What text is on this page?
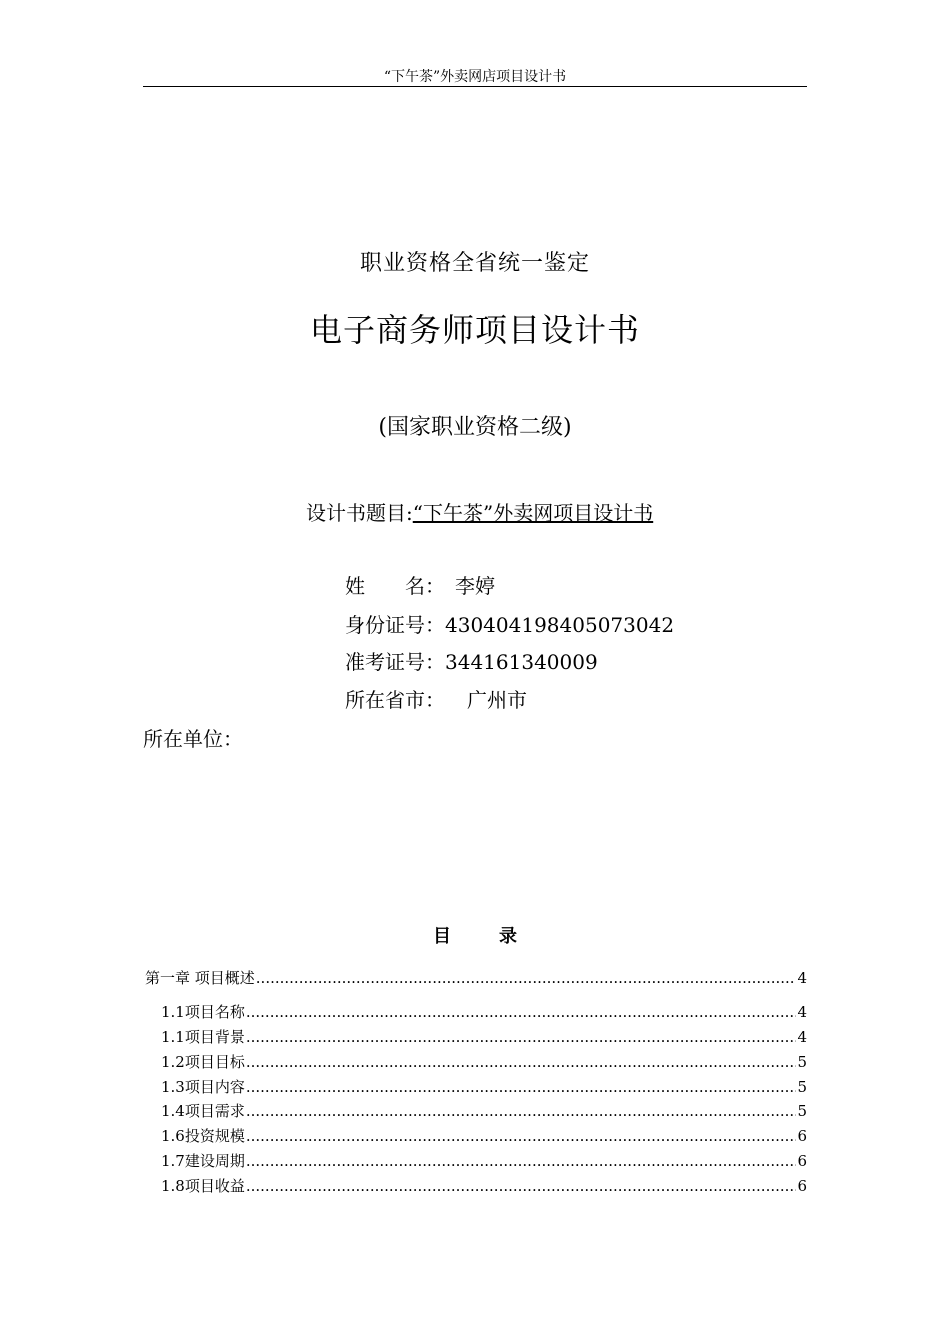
“下午茶”外卖网店项目设计书
职业资格全省统一鉴定
电子商务师项目设计书
(国家职业资格二级)
设计书题目:“下午茶”外卖网项目设计书
姓　　名： 李婷
身份证号：430404198405073042
准考证号：344161340009
所在省市： 广州市
所在单位：
目	录
第一章 项目概述 .....	4
1.1项目名称 .....	4
1.1项目背景 .....	4
1.2项目目标 .....	5
1.3项目内容 .....	5
1.4项目需求 .....	5
1.6投资规模 .....	6
1.7建设周期 .....	6
1.8项目收益 .....	6
